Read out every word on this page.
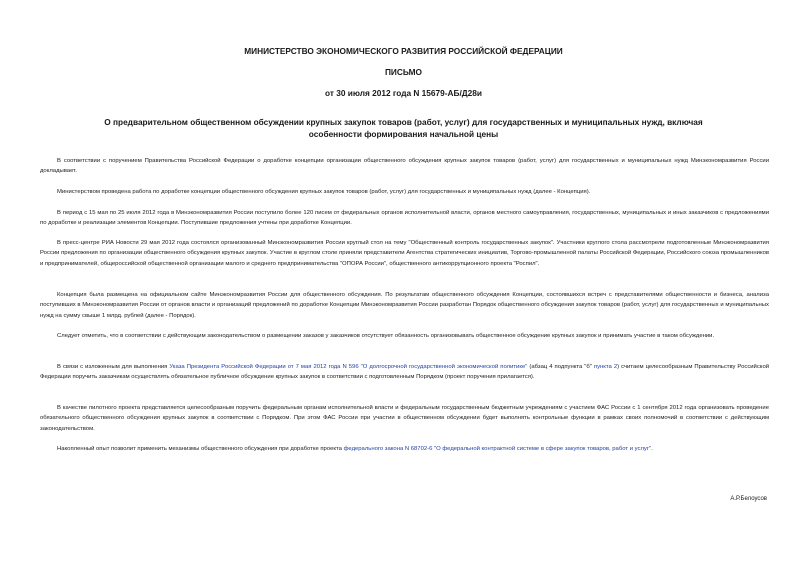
МИНИСТЕРСТВО ЭКОНОМИЧЕСКОГО РАЗВИТИЯ РОССИЙСКОЙ ФЕДЕРАЦИИ
ПИСЬМО
от 30 июля 2012 года N 15679-АБ/Д28и
О предварительном общественном обсуждении крупных закупок товаров (работ, услуг) для государственных и муниципальных нужд, включая особенности формирования начальной цены

В соответствии с поручением Правительства Российской Федерации о доработке концепции организации общественного обсуждения крупных закупок товаров (работ, услуг) для государственных и муниципальных нужд Минэкономразвития России докладывает.

Министерством проведена работа по доработке концепции общественного обсуждения крупных закупок товаров (работ, услуг) для государственных и муниципальных нужд (далее - Концепция).

В период с 15 мая по 25 июля 2012 года в Минэкономразвития России поступило более 120 писем от федеральных органов исполнительной власти, органов местного самоуправления, государственных, муниципальных и иных заказчиков с предложениями по доработке и реализации элементов Концепции. Поступившие предложения учтены при доработке Концепции.

В пресс-центре РИА Новости 29 мая 2012 года состоялся организованный Минэкономразвития России круглый стол на тему "Общественный контроль государственных закупок". Участники круглого стола рассмотрели подготовленные Минэкономразвития России предложения по организации общественного обсуждения крупных закупок. Участие в круглом столе приняли представители Агентства стратегических инициатив, Торгово-промышленной палаты Российской Федерации, Российского союза промышленников и предпринимателей, общероссийской общественной организации малого и среднего предпринимательства "ОПОРА России", общественного антикоррупционного проекта "Роспил".

Концепция была размещена на официальном сайте Минэкономразвития России для общественного обсуждения. По результатам общественного обсуждения Концепции, состоявшихся встреч с представителями общественности и бизнеса, анализа поступивших в Минэкономразвития России от органов власти и организаций предложений по доработке Концепции Минэкономразвития России разработан Порядок общественного обсуждения закупок товаров (работ, услуг) для государственных и муниципальных нужд на сумму свыше 1 млрд. рублей (далее - Порядок).

Следует отметить, что в соответствии с действующим законодательством о размещении заказов у заказчиков отсутствует обязанность организовывать общественное обсуждение крупных закупок и принимать участие в таком обсуждении.

В связи с изложенным для выполнения Указа Президента Российской Федерации от 7 мая 2012 года N 596 "О долгосрочной государственной экономической политике" (абзац 4 подпункта "б" пункта 2) считаем целесообразным Правительству Российской Федерации поручить заказчикам осуществлять обязательное публичное обсуждение крупных закупок в соответствии с подготовленным Порядком (проект поручения прилагается).

В качестве пилотного проекта представляется целесообразным поручить федеральным органам исполнительной власти и федеральным государственным бюджетным учреждениям с участием ФАС России с 1 сентября 2012 года организовать проведение обязательного общественного обсуждения крупных закупок в соответствии с Порядком. При этом ФАС России при участии в общественном обсуждении будет выполнять контрольные функции в рамках своих полномочий в соответствии с действующим законодательством.

Накопленный опыт позволит применить механизмы общественного обсуждения при доработке проекта федерального закона N 68702-6 "О федеральной контрактной системе в сфере закупок товаров, работ и услуг".

А.Р.Белоусов
